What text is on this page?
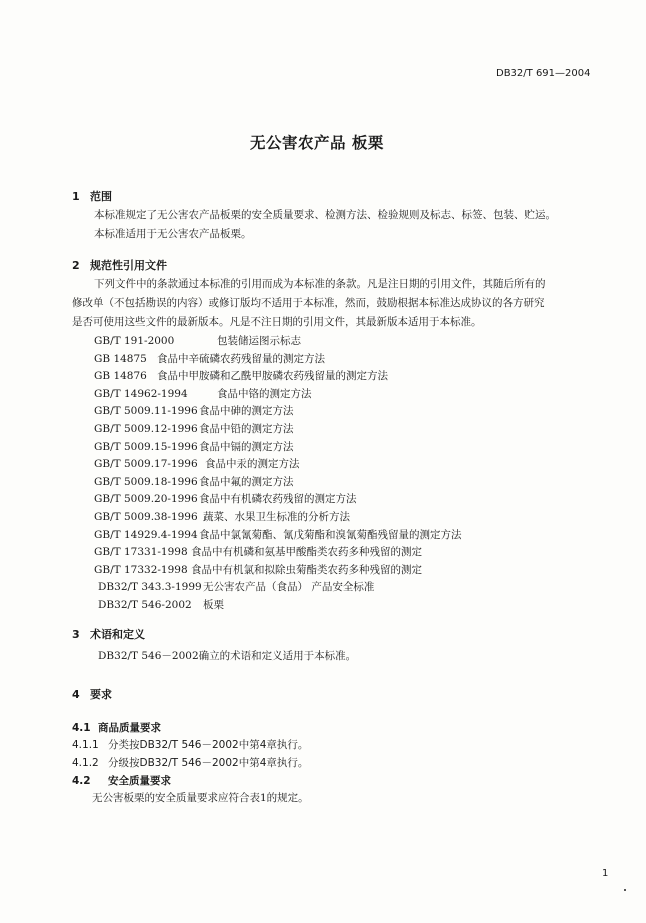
DB32/T 691—2004
无公害农产品 板栗
1 范围
本标准规定了无公害农产品板栗的安全质量要求、检测方法、检验规则及标志、标签、包装、贮运。
本标准适用于无公害农产品板栗。
2 规范性引用文件
下列文件中的条款通过本标准的引用而成为本标准的条款。凡是注日期的引用文件，其随后所有的
修改单（不包括勘误的内容）或修订版均不适用于本标准，然而，鼓励根据本标准达成协议的各方研究
是否可使用这些文件的最新版本。凡是不注日期的引用文件，其最新版本适用于本标准。
GB/T 191-2000	包装储运图示标志
GB 14875 食品中辛硫磷农药残留量的测定方法
GB 14876 食品中甲胺磷和乙酰甲胺磷农药残留量的测定方法
GB/T 14962-1994	食品中铬的测定方法
GB/T 5009.11-1996食品中砷的测定方法
GB/T 5009.12-1996食品中铅的测定方法
GB/T 5009.15-1996食品中镉的测定方法
GB/T 5009.17-1996 食品中汞的测定方法
GB/T 5009.18-1996食品中氟的测定方法
GB/T 5009.20-1996食品中有机磷农药残留的测定方法
GB/T 5009.38-1996 蔬菜、水果卫生标准的分析方法
GB/T 14929.4-1994食品中氯氰菊酯、氰戊菊酯和溴氰菊酯残留量的测定方法
GB/T 17331-1998 食品中有机磷和氨基甲酸酯类农药多种残留的测定
GB/T 17332-1998 食品中有机氯和拟除虫菊酯类农药多种残留的测定
DB32/T 343.3-1999无公害农产品（食品） 产品安全标准
DB32/T 546-2002 板栗
3 术语和定义
DB32/T 546－2002确立的术语和定义适用于本标准。
4 要求
4.1 商品质量要求
4.1.1 分类按DB32/T 546－2002中第4章执行。
4.1.2 分级按DB32/T 546－2002中第4章执行。
4.2 安全质量要求
无公害板栗的安全质量要求应符合表1的规定。
1
